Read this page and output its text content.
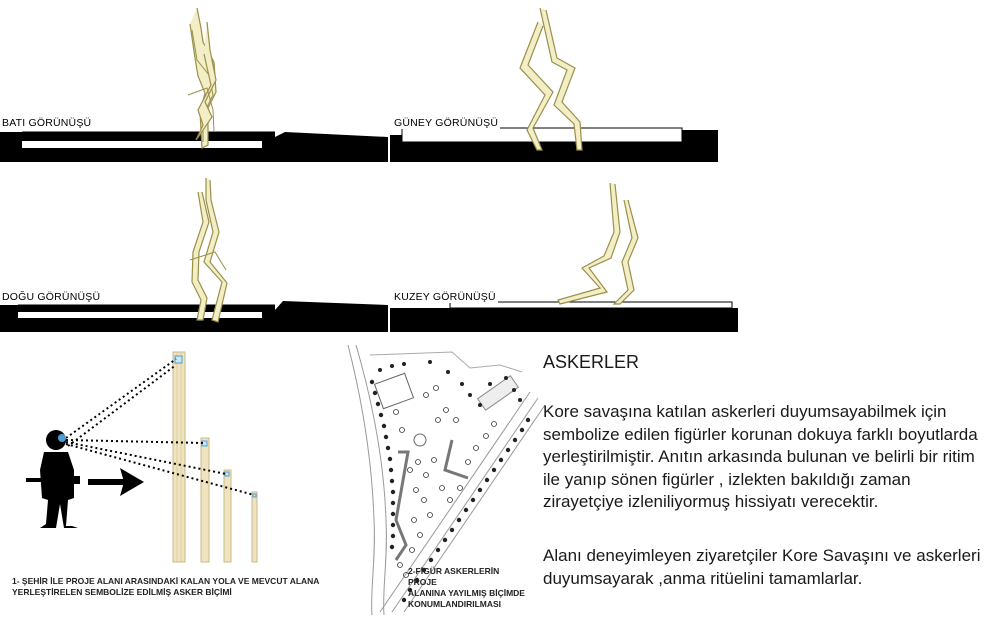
BATI GÖRÜNÜŞÜ	GÜNEY GÖRÜNÜŞÜ
DOĞU GÖRÜNÜŞÜ	KUZEY GÖRÜNÜŞÜ
1- ŞEHİR İLE PROJE ALANI ARASINDAKİ KALAN YOLA VE MEVCUT ALANA
YERLEŞTİRELEN SEMBOLİZE EDİLMİŞ ASKER BİÇİMİ
2-FİGÜR ASKERLERİN PROJE
ALANINA YAYILMIŞ BİÇİMDE
KONUMLANDIRILMASI
ASKERLER

Kore savaşına katılan askerleri duyumsayabilmek için sembolize edilen figürler korunan dokuya farklı boyutlarda yerleştirilmiştir. Anıtın arkasında bulunan ve belirli bir ritim ile yanıp sönen figürler , izlekten bakıldığı zaman zirayetçiye izleniliyormuş hissiyatı verecektir.

Alanı deneyimleyen ziyaretçiler Kore Savaşını ve askerleri duyumsayarak ,anma ritüelini tamamlarlar.
